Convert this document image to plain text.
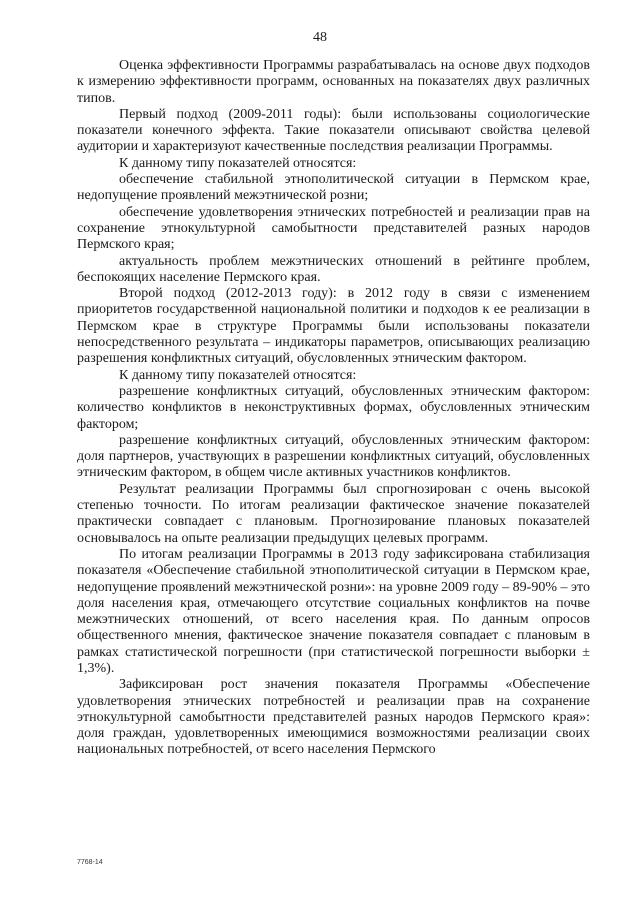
48

Оценка эффективности Программы разрабатывалась на основе двух подходов к измерению эффективности программ, основанных на показателях двух различных типов.

Первый подход (2009-2011 годы): были использованы социологические показатели конечного эффекта. Такие показатели описывают свойства целевой аудитории и характеризуют качественные последствия реализации Программы.

К данному типу показателей относятся:

обеспечение стабильной этнополитической ситуации в Пермском крае, недопущение проявлений межэтнической розни;

обеспечение удовлетворения этнических потребностей и реализации прав на сохранение этнокультурной самобытности представителей разных народов Пермского края;

актуальность проблем межэтнических отношений в рейтинге проблем, беспокоящих население Пермского края.

Второй подход (2012-2013 году): в 2012 году в связи с изменением приоритетов государственной национальной политики и подходов к ее реализации в Пермском крае в структуре Программы были использованы показатели непосредственного результата – индикаторы параметров, описывающих реализацию разрешения конфликтных ситуаций, обусловленных этническим фактором.

К данному типу показателей относятся:

разрешение конфликтных ситуаций, обусловленных этническим фактором: количество конфликтов в неконструктивных формах, обусловленных этническим фактором;

разрешение конфликтных ситуаций, обусловленных этническим фактором: доля партнеров, участвующих в разрешении конфликтных ситуаций, обусловленных этническим фактором, в общем числе активных участников конфликтов.

Результат реализации Программы был спрогнозирован с очень высокой степенью точности. По итогам реализации фактическое значение показателей практически совпадает с плановым. Прогнозирование плановых показателей основывалось на опыте реализации предыдущих целевых программ.

По итогам реализации Программы в 2013 году зафиксирована стабилизация показателя «Обеспечение стабильной этнополитической ситуации в Пермском крае, недопущение проявлений межэтнической розни»: на уровне 2009 году – 89-90% – это доля населения края, отмечающего отсутствие социальных конфликтов на почве межэтнических отношений, от всего населения края. По данным опросов общественного мнения, фактическое значение показателя совпадает с плановым в рамках статистической погрешности (при статистической погрешности выборки ± 1,3%).

Зафиксирован рост значения показателя Программы «Обеспечение удовлетворения этнических потребностей и реализации прав на сохранение этнокультурной самобытности представителей разных народов Пермского края»: доля граждан, удовлетворенных имеющимися возможностями реализации своих национальных потребностей, от всего населения Пермского

7768-14
